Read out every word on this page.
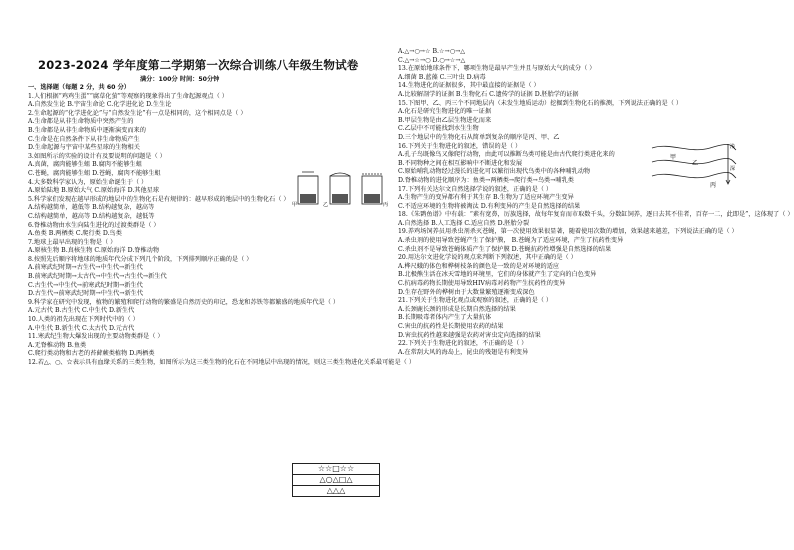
2023-2024 学年度第二学期第一次综合训练八年级生物试卷
满分：100分 时间：50分钟
一、选择题（每题 2 分，共 60 分）
1.人们根据“鸡鸡生蛋”“腐草化萤”等观察的现象得出了生命起源观点（ ）
A.自然发生论 B.宇宙生命论 C.化学进化论 D.生生论
2.生命起源的“化学进化论”与“自然发生论”有一点是相同的，这个相同点是（ ）
A.生命都是从非生命物质中突然产生的
B.生命都是从非生命物质中逐渐演变而来的
C.生命是在自然条件下从非生命物质产生
D.生命起源与宇宙中某些星球的生物相关
3.如图所示的实验的设计有及要说明的问题是（ ）
A.真菌，腐肉能够生蛆 B.腐肉不能够生蛆
C.苍蝇，腐肉能够生蛆 D.苍蝇，腐肉不能够生蛆
4.大多数科学家认为，原始生命诞生于（ ）
A.原始陆地 B.原始大气 C.原始海洋 D.其他星球
5.科学家们发现在越早形成的地层中的生物化石是有规律的：越早形成的地层中的生物化石（ ）
A.结构越简单，越低等 B.结构越复杂，越高等
C.结构越简单，越高等 D.结构越复杂，越低等
6.脊椎动物由水生向陆生进化的过渡类群是（ ）
A.鱼类 B.两栖类 C.爬行类 D.鸟类
7.地球上最早出现的生物是（ ）
A.原核生物 B.真核生物 C.原始海洋 D.脊椎动物
8.按照先后顺序将地球的地质年代分成下列几个阶段，下列排列顺序正确的是（ ）
A.前寒武纪时期→古生代→中生代→新生代
B.前寒武纪时期→太古代→中生代→古生代→新生代
C.古生代→中生代→前寒武纪时期→新生代
D.古生代→前寒武纪时期→中生代→新生代
9.科学家在研究中发现，植物的繁殖和爬行动物的繁盛是自然历史的印记，恐龙和苏铁等都繁盛的地质年代是（ ）
A.元古代 B.古生代 C.中生代 D.新生代
10.人类的祖先出现在下列时代中的（ ）
A.中生代 B.新生代 C.太古代 D.元古代
11.寒武纪生物大爆发出现的主要动物类群是（ ）
A.无脊椎动物 B.鱼类
C.爬行类动物和古老的苔藓蕨类植物 D.两栖类
12.若△、○、☆表示具有血缘关系的三类生物，如图所示为这三类生物的化石在不同地层中出现的情况，则这三类生物进化关系最可能是（ ）
A.△→○→☆ B.☆→○→△
C.△→☆→○ D.○→☆→△
13.在原始地球条件下，哪项生物是最早产生并且与原始大气的成分（ ）
A.细菌 B.蓝藻 C.三叶虫 D.病毒
14.生物进化的证据很多，其中最直接的证据是（ ）
A.比较解剖学的证据 B.生物化石 C.遗传学的证据 D.胚胎学的证据
15.下图甲、乙、丙三个不同地层内（未发生地质运动）挖掘到生物化石的推测，下列说法正确的是（ ）
A.化石是研究生物进化的唯一证据
B.甲层生物是由乙层生物进化而来
C.乙层中不可能找到水生生物
D.三个地层中的生物化石从简单到复杂的顺序是丙、甲、乙
16.下列关于生物进化的叙述，错误的是（ ）
A.孔子鸟既像鸟又像爬行动物，由此可以推断鸟类可能是由古代爬行类进化来的
B.不同物种之间在相互影响中不断进化和发展
C.原始哺乳动物经过漫长的进化可以繁衍出现代鸟类中的各种哺乳动物
D.脊椎动物的进化顺序为：鱼类→两栖类→爬行类→鸟类→哺乳类
17.下列有关达尔文自然选择学说的叙述，正确的是（ ）
A.生物产生的变异都有利于其生存 B.生物为了适应环境产生变异
C.不适应环境的生物将被淘汰 D.有利变异的产生是自然选择的结果
18.《朱鹮鱼谱》中有载：“素有宽鼻，厉族选择，故每年复育而市取数千头，分数缸饲养，逐日去其不佳者，百存一二，此即是”，这体现了（ ）
A.自然选择 B.人工选择 C.适应自然 D.胚胎分裂
19.养鸡场饲养员用杀虫剂杀灭苍蝇，第一次使用效果很显著，随着使用次数的增加，效果越来越差，下列说法正确的是（ ）
A.杀虫剂的使用导致苍蝇产生了保护膜， B.苍蝇为了适应环境，产生了抗药性变异
C.杀虫剂不是导致苍蝇体质产生了保护膜 D.苍蝇抗药性增强是自然选择的结果
20.用达尔文进化学说的观点来判断下列叙述，其中正确的是（ ）
A.桦尺蛾的体色和桦树枝条的颜色是一致的是对环境的适应
B.北极熊生活在冰天雪地的环境里，它们的身体就产生了定向的白色变异
C.抗病毒药物长期使用导致HIV病毒对药物产生抗药性的变异
D.生存在野外的桦树由于大数量繁殖逐渐变成深色
21.下列关于生物进化观点或观察的叙述，正确的是（ ）
A.长颈鹿长颈的形成是长期自然选择的结果
B.长期吸毒者体内产生了大量抗体
C.害虫的抗药性是长期使用农药的结果
D.害虫抗药性越来越强是农药对害虫定向选择的结果
22.下列关于生物进化的叙述，不正确的是（ ）
A.在常刮大风的海岛上，昆虫的残翅是有利变异
甲	乙	丙
☆☆□☆☆
△○△□△
△△△
甲
乙
丙
浅
深
